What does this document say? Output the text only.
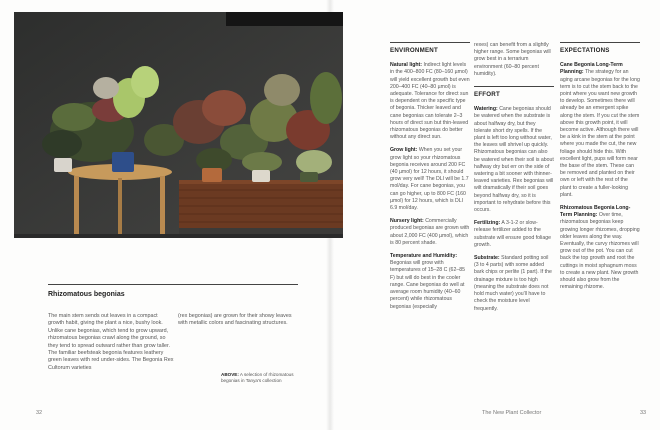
Rhizomatous begonias
The main stem sends out leaves in a compact growth habit, giving the plant a nice, bushy look. Unlike cane begonias, which tend to grow upward, rhizomatous begonias crawl along the ground, so they tend to spread outward rather than grow taller. The familiar beefsteak begonia features leathery green leaves with red under-sides. The Begonia Rex Cultorum varieties
(rex begonias) are grown for their showy leaves with metallic colors and fascinating structures.
ABOVE: A selection of rhizomatous begonias in Tanya's collection
32
ENVIRONMENT
Natural light: Indirect light levels in the 400–800 FC (80–160 µmol) will yield excellent growth but even 200–400 FC (40–80 µmol) is adequate. Tolerance for direct sun is dependent on the specific type of begonia. Thicker leaved and cane begonias can tolerate 2–3 hours of direct sun but thin-leaved rhizomatous begonias do better without any direct sun.
Grow light: When you set your grow light so your rhizomatous begonia receives around 200 FC (40 µmol) for 12 hours, it should grow very well! The DLI will be 1.7 mol/day. For cane begonias, you can go higher, up to 800 FC (160 µmol) for 12 hours, which is DLI 6.9 mol/day.
Nursery light: Commercially produced begonias are grown with about 2,000 FC (400 µmol), which is 80 percent shade.
Temperature and Humidity: Begonias will grow with temperatures of 15–28 C (62–85 F) but will do best in the cooler range. Cane begonias do well at average room humidity (40–60 percent) while rhizomatous begonias (especially
rexes) can benefit from a slightly higher range. Some begonias will grow best in a terrarium environment (60–80 percent humidity).
EFFORT
Watering: Cane begonias should be watered when the substrate is about halfway dry, but they tolerate short dry spells. If the plant is left too long without water, the leaves will shrivel up quickly. Rhizomatous begonias can also be watered when their soil is about halfway dry but err on the side of watering a bit sooner with thinner-leaved varieties. Rex begonias will wilt dramatically if their soil goes beyond halfway dry, so it is important to rehydrate before this occurs.
Fertilizing: A 3-1-2 or slow-release fertilizer added to the substrate will ensure good foliage growth.
Substrate: Standard potting soil (3 to 4 parts) with some added bark chips or perlite (1 part). If the drainage mixture is too high (meaning the substrate does not hold much water) you'll have to check the moisture level frequently.
EXPECTATIONS
Cane Begonia Long-Term Planning: The strategy for an aging arcane begonias for the long term is to cut the stem back to the point where you want new growth to develop. Sometimes there will already be an emergent spike along the stem. If you cut the stem above this growth point, it will become active. Although there will be a kink in the stem at the point where you made the cut, the new foliage should hide this. With excellent light, pups will form near the base of the stem. These can be removed and planted on their own or left with the rest of the plant to create a fuller-looking plant.
Rhizomatous Begonia Long-Term Planning: Over time, rhizomatous begonias keep growing longer rhizomes, dropping older leaves along the way. Eventually, the curvy rhizomes will grow out of the pot. You can cut back the top growth and root the cuttings in moist sphagnum moss to create a new plant. New growth should also grow from the remaining rhizome.
The New Plant Collector	33
